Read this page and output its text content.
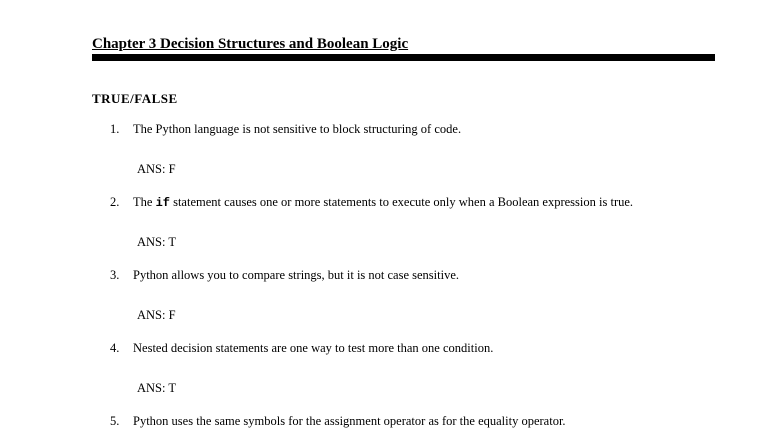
Chapter 3 Decision Structures and Boolean Logic
TRUE/FALSE
1. The Python language is not sensitive to block structuring of code.
ANS: F
2. The if statement causes one or more statements to execute only when a Boolean expression is true.
ANS: T
3. Python allows you to compare strings, but it is not case sensitive.
ANS: F
4. Nested decision statements are one way to test more than one condition.
ANS: T
5. Python uses the same symbols for the assignment operator as for the equality operator.
